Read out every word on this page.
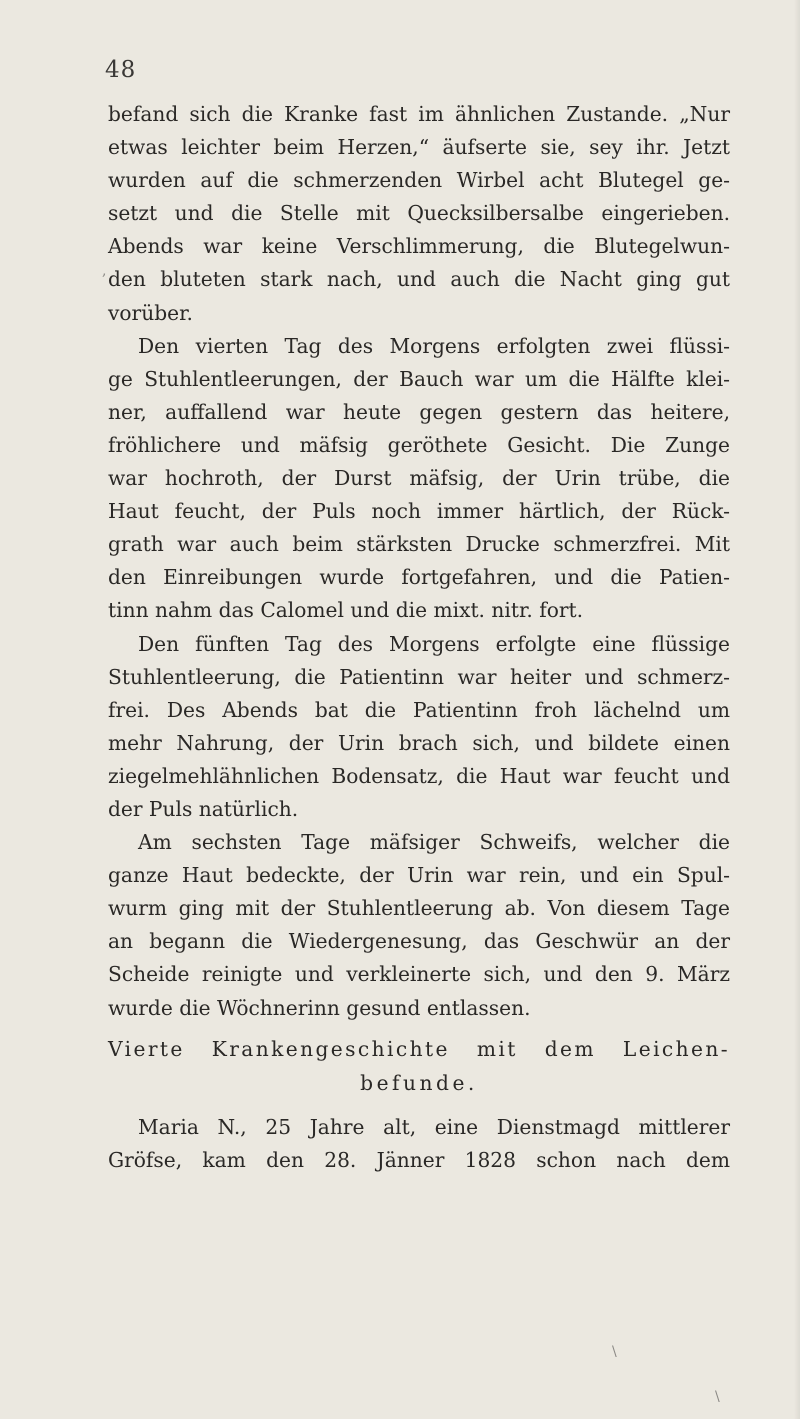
48
befand sich die Kranke fast im ähnlichen Zustande. „Nur
etwas leichter beim Herzen,“ äufserte sie, sey ihr. Jetzt
wurden auf die schmerzenden Wirbel acht Blutegel ge-
setzt und die Stelle mit Quecksilbersalbe eingerieben.
Abends war keine Verschlimmerung, die Blutegelwun-
den bluteten stark nach, und auch die Nacht ging gut
vorüber.
Den vierten Tag des Morgens erfolgten zwei flüssi-
ge Stuhlentleerungen, der Bauch war um die Hälfte klei-
ner, auffallend war heute gegen gestern das heitere,
fröhlichere und mäfsig geröthete Gesicht. Die Zunge
war hochroth, der Durst mäfsig, der Urin trübe, die
Haut feucht, der Puls noch immer härtlich, der Rück-
grath war auch beim stärksten Drucke schmerzfrei. Mit
den Einreibungen wurde fortgefahren, und die Patien-
tinn nahm das Calomel und die mixt. nitr. fort.
Den fünften Tag des Morgens erfolgte eine flüssige
Stuhlentleerung, die Patientinn war heiter und schmerz-
frei. Des Abends bat die Patientinn froh lächelnd um
mehr Nahrung, der Urin brach sich, und bildete einen
ziegelmehlähnlichen Bodensatz, die Haut war feucht und
der Puls natürlich.
Am sechsten Tage mäfsiger Schweifs, welcher die
ganze Haut bedeckte, der Urin war rein, und ein Spul-
wurm ging mit der Stuhlentleerung ab. Von diesem Tage
an begann die Wiedergenesung, das Geschwür an der
Scheide reinigte und verkleinerte sich, und den 9. März
wurde die Wöchnerinn gesund entlassen.
Vierte Krankengeschichte mit dem Leichen-
befunde.
Maria N., 25 Jahre alt, eine Dienstmagd mittlerer
Gröfse, kam den 28. Jänner 1828 schon nach dem
,
\
\
